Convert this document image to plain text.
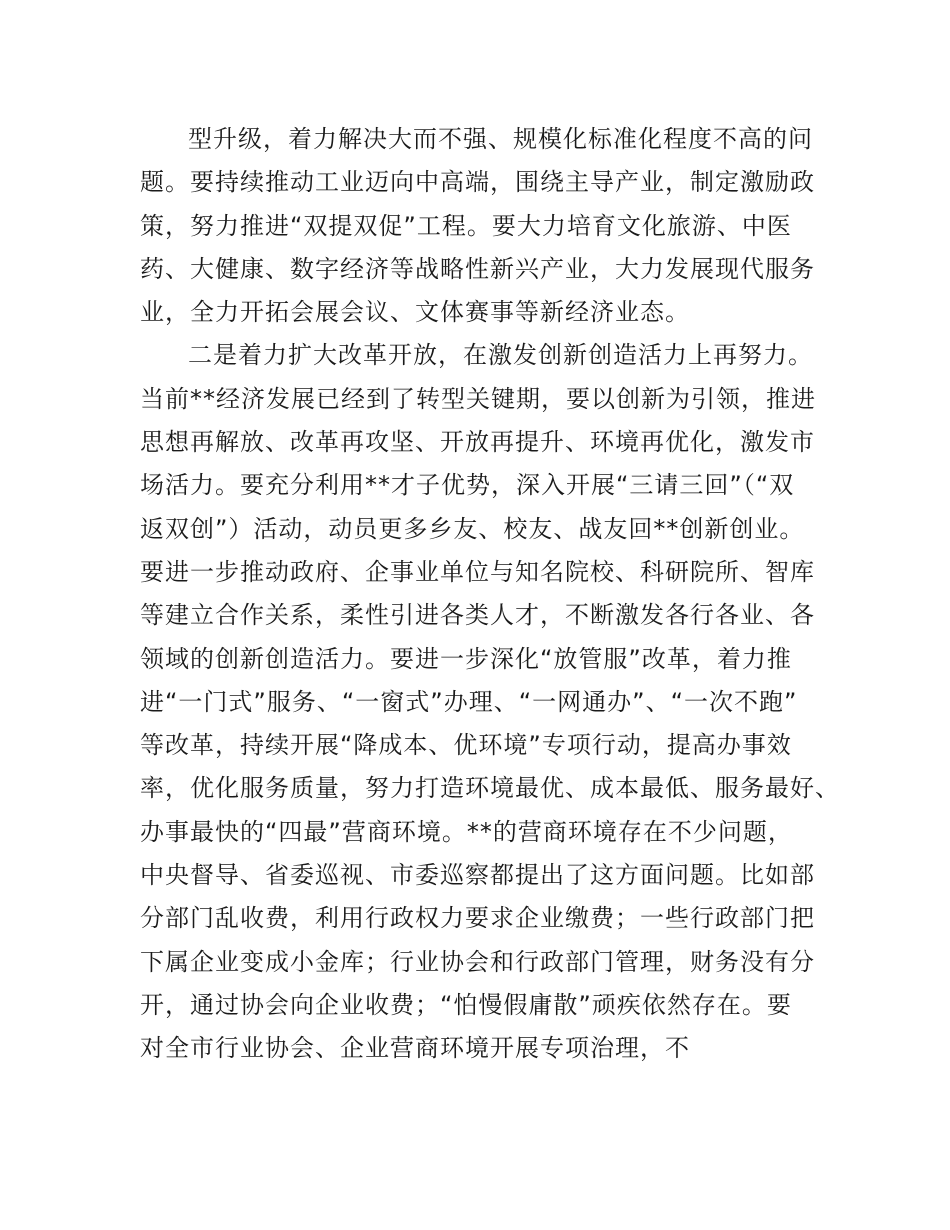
型升级，着力解决大而不强、规模化标准化程度不高的问
题。要持续推动工业迈向中高端，围绕主导产业，制定激励政
策，努力推进“双提双促”工程。要大力培育文化旅游、中医
药、大健康、数字经济等战略性新兴产业，大力发展现代服务
业，全力开拓会展会议、文体赛事等新经济业态。
二是着力扩大改革开放，在激发创新创造活力上再努力。
当前**经济发展已经到了转型关键期，要以创新为引领，推进
思想再解放、改革再攻坚、开放再提升、环境再优化，激发市
场活力。要充分利用**才子优势，深入开展“三请三回”（“双
返双创”）活动，动员更多乡友、校友、战友回**创新创业。
要进一步推动政府、企事业单位与知名院校、科研院所、智库
等建立合作关系，柔性引进各类人才，不断激发各行各业、各
领域的创新创造活力。要进一步深化“放管服”改革，着力推
进“一门式”服务、“一窗式”办理、“一网通办”、“一次不跑”
等改革，持续开展“降成本、优环境”专项行动，提高办事效
率，优化服务质量，努力打造环境最优、成本最低、服务最好、
办事最快的“四最”营商环境。**的营商环境存在不少问题，
中央督导、省委巡视、市委巡察都提出了这方面问题。比如部
分部门乱收费，利用行政权力要求企业缴费；一些行政部门把
下属企业变成小金库；行业协会和行政部门管理，财务没有分
开，通过协会向企业收费；“怕慢假庸散”顽疾依然存在。要
对全市行业协会、企业营商环境开展专项治理，不
